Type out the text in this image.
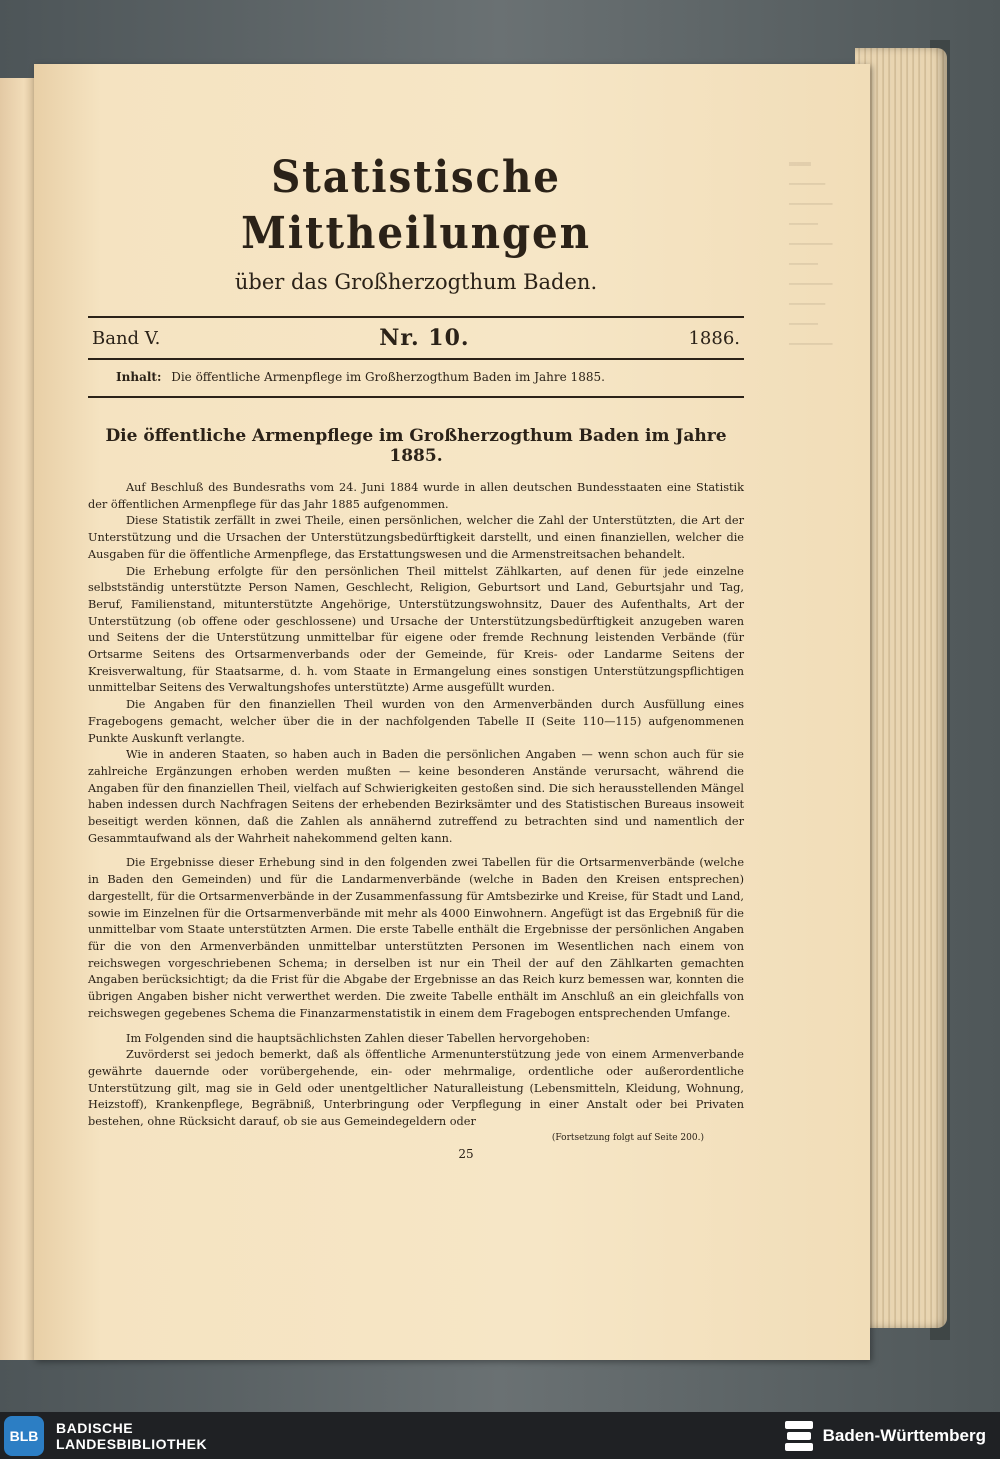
═══
─────
──────
────
──────
────
──────
─────
────
──────
Statistische Mittheilungen
über das Großherzogthum Baden.
Band V.	Nr. 10.	1886.
Inhalt: Die öffentliche Armenpflege im Großherzogthum Baden im Jahre 1885.
Die öffentliche Armenpflege im Großherzogthum Baden im Jahre 1885.

Auf Beschluß des Bundesraths vom 24. Juni 1884 wurde in allen deutschen Bundesstaaten eine Statistik der öffentlichen Armenpflege für das Jahr 1885 aufgenommen.

Diese Statistik zerfällt in zwei Theile, einen persönlichen, welcher die Zahl der Unterstützten, die Art der Unterstützung und die Ursachen der Unterstützungsbedürftigkeit darstellt, und einen finanziellen, welcher die Ausgaben für die öffentliche Armenpflege, das Erstattungswesen und die Armenstreitsachen behandelt.

Die Erhebung erfolgte für den persönlichen Theil mittelst Zählkarten, auf denen für jede einzelne selbstständig unterstützte Person Namen, Geschlecht, Religion, Geburtsort und Land, Geburtsjahr und Tag, Beruf, Familienstand, mitunterstützte Angehörige, Unterstützungswohnsitz, Dauer des Aufenthalts, Art der Unterstützung (ob offene oder geschlossene) und Ursache der Unterstützungsbedürftigkeit anzugeben waren und Seitens der die Unterstützung unmittelbar für eigene oder fremde Rechnung leistenden Verbände (für Ortsarme Seitens des Ortsarmenverbands oder der Gemeinde, für Kreis- oder Landarme Seitens der Kreisverwaltung, für Staatsarme, d. h. vom Staate in Ermangelung eines sonstigen Unterstützungspflichtigen unmittelbar Seitens des Verwaltungshofes unterstützte) Arme ausgefüllt wurden.

Die Angaben für den finanziellen Theil wurden von den Armenverbänden durch Ausfüllung eines Fragebogens gemacht, welcher über die in der nachfolgenden Tabelle II (Seite 110—115) aufgenommenen Punkte Auskunft verlangte.

Wie in anderen Staaten, so haben auch in Baden die persönlichen Angaben — wenn schon auch für sie zahlreiche Ergänzungen erhoben werden mußten — keine besonderen Anstände verursacht, während die Angaben für den finanziellen Theil, vielfach auf Schwierigkeiten gestoßen sind. Die sich herausstellenden Mängel haben indessen durch Nachfragen Seitens der erhebenden Bezirksämter und des Statistischen Bureaus insoweit beseitigt werden können, daß die Zahlen als annähernd zutreffend zu betrachten sind und namentlich der Gesammtaufwand als der Wahrheit nahekommend gelten kann.

Die Ergebnisse dieser Erhebung sind in den folgenden zwei Tabellen für die Ortsarmenverbände (welche in Baden den Gemeinden) und für die Landarmenverbände (welche in Baden den Kreisen entsprechen) dargestellt, für die Ortsarmenverbände in der Zusammenfassung für Amtsbezirke und Kreise, für Stadt und Land, sowie im Einzelnen für die Ortsarmenverbände mit mehr als 4000 Einwohnern. Angefügt ist das Ergebniß für die unmittelbar vom Staate unterstützten Armen. Die erste Tabelle enthält die Ergebnisse der persönlichen Angaben für die von den Armenverbänden unmittelbar unterstützten Personen im Wesentlichen nach einem von reichswegen vorgeschriebenen Schema; in derselben ist nur ein Theil der auf den Zählkarten gemachten Angaben berücksichtigt; da die Frist für die Abgabe der Ergebnisse an das Reich kurz bemessen war, konnten die übrigen Angaben bisher nicht verwerthet werden. Die zweite Tabelle enthält im Anschluß an ein gleichfalls von reichswegen gegebenes Schema die Finanzarmenstatistik in einem dem Fragebogen entsprechenden Umfange.

Im Folgenden sind die hauptsächlichsten Zahlen dieser Tabellen hervorgehoben:

Zuvörderst sei jedoch bemerkt, daß als öffentliche Armenunterstützung jede von einem Armenverbande gewährte dauernde oder vorübergehende, ein- oder mehrmalige, ordentliche oder außerordentliche Unterstützung gilt, mag sie in Geld oder unentgeltlicher Naturalleistung (Lebensmitteln, Kleidung, Wohnung, Heizstoff), Krankenpflege, Begräbniß, Unterbringung oder Verpflegung in einer Anstalt oder bei Privaten bestehen, ohne Rücksicht darauf, ob sie aus Gemeindegeldern oder

(Fortsetzung folgt auf Seite 200.)
25
BLB	BADISCHE
LANDESBIBLIOTHEK	Baden-Württemberg
